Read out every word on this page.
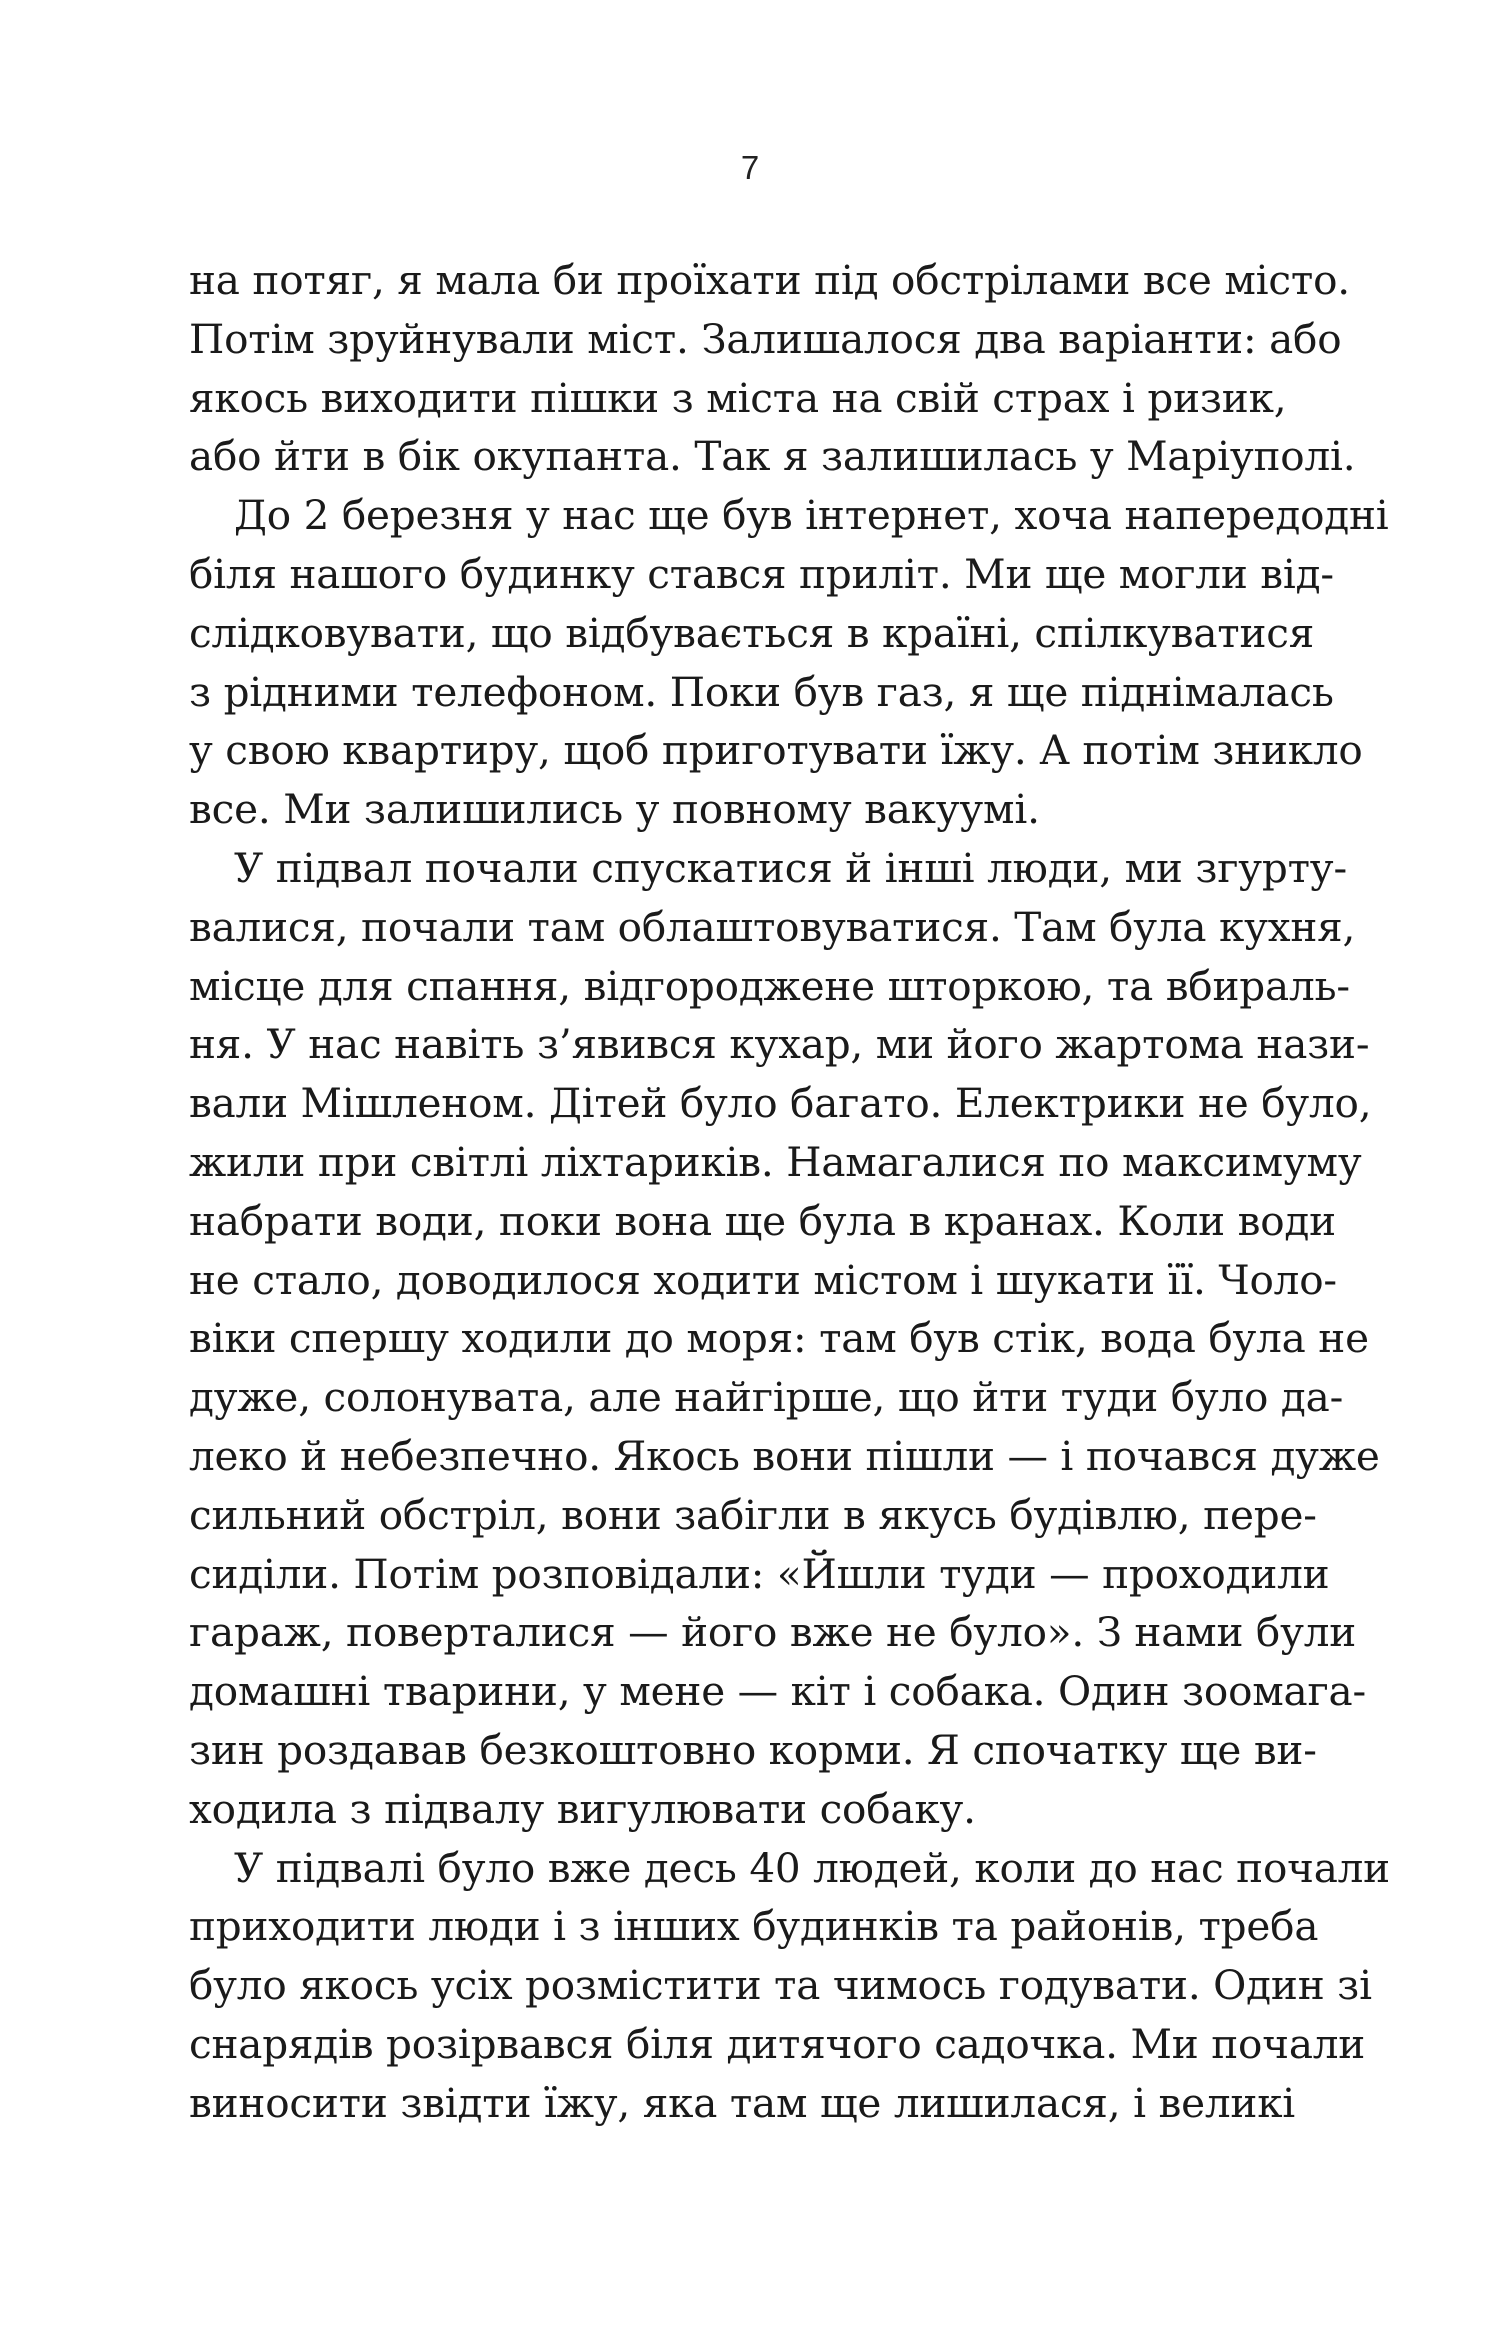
7
на потяг, я мала би проїхати під обстрілами все місто.
Потім зруйнували міст. Залишалося два варіанти: або
якось виходити пішки з міста на свій страх і ризик,
або йти в бік окупанта. Так я залишилась у Маріуполі.
До 2 березня у нас ще був інтернет, хоча напередодні
біля нашого будинку стався приліт. Ми ще могли від-
слідковувати, що відбувається в країні, спілкуватися
з рідними телефоном. Поки був газ, я ще піднімалась
у свою квартиру, щоб приготувати їжу. А потім зникло
все. Ми залишились у повному вакуумі.
У підвал почали спускатися й інші люди, ми згурту-
валися, почали там облаштовуватися. Там була кухня,
місце для спання, відгороджене шторкою, та вбираль-
ня. У нас навіть з’явився кухар, ми його жартома нази-
вали Мішленом. Дітей було багато. Електрики не було,
жили при світлі ліхтариків. Намагалися по максимуму
набрати води, поки вона ще була в кранах. Коли води
не стало, доводилося ходити містом і шукати її. Чоло-
віки спершу ходили до моря: там був стік, вода була не
дуже, солонувата, але найгірше, що йти туди було да-
леко й небезпечно. Якось вони пішли — і почався дуже
сильний обстріл, вони забігли в якусь будівлю, пере-
сиділи. Потім розповідали: «Йшли туди — проходили
гараж, поверталися — його вже не було». З нами були
домашні тварини, у мене — кіт і собака. Один зоомага-
зин роздавав безкоштовно корми. Я спочатку ще ви-
ходила з підвалу вигулювати собаку.
У підвалі було вже десь 40 людей, коли до нас почали
приходити люди і з інших будинків та районів, треба
було якось усіх розмістити та чимось годувати. Один зі
снарядів розірвався біля дитячого садочка. Ми почали
виносити звідти їжу, яка там ще лишилася, і великі
